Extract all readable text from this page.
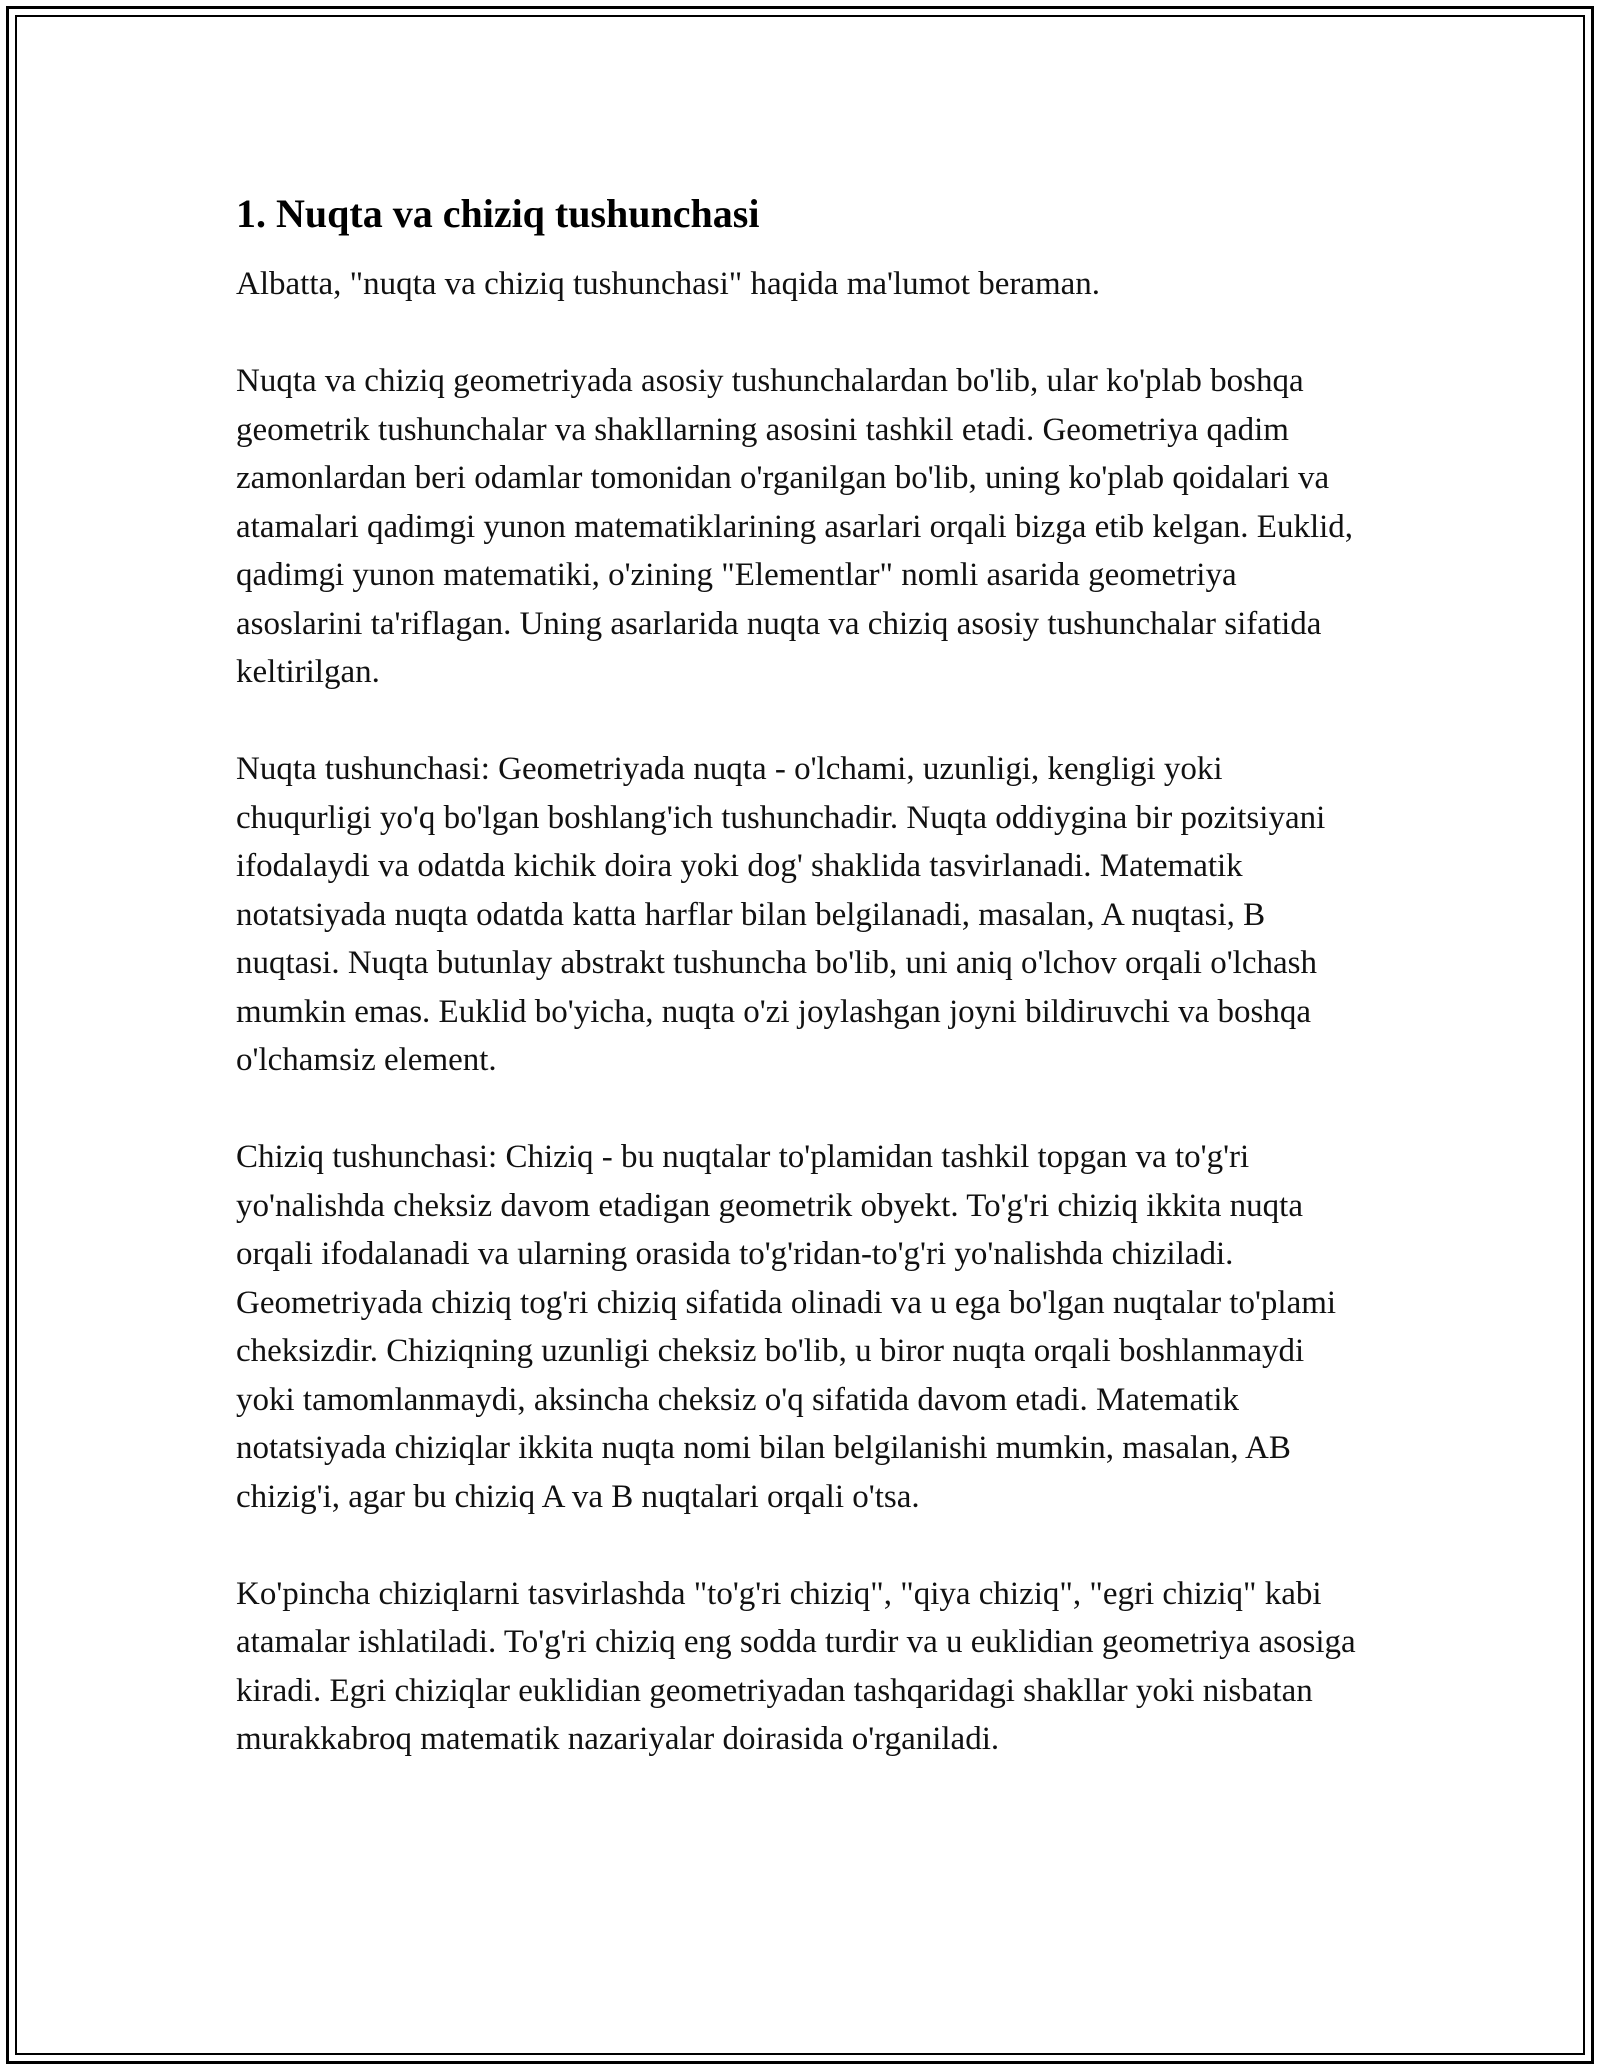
1. Nuqta va chiziq tushunchasi

Albatta, "nuqta va chiziq tushunchasi" haqida ma'lumot beraman.

Nuqta va chiziq geometriyada asosiy tushunchalardan bo'lib, ular ko'plab boshqa geometrik tushunchalar va shakllarning asosini tashkil etadi. Geometriya qadim zamonlardan beri odamlar tomonidan o'rganilgan bo'lib, uning ko'plab qoidalari va atamalari qadimgi yunon matematiklarining asarlari orqali bizga etib kelgan. Euklid, qadimgi yunon matematiki, o'zining "Elementlar" nomli asarida geometriya asoslarini ta'riflagan. Uning asarlarida nuqta va chiziq asosiy tushunchalar sifatida keltirilgan.

Nuqta tushunchasi: Geometriyada nuqta - o'lchami, uzunligi, kengligi yoki chuqurligi yo'q bo'lgan boshlang'ich tushunchadir. Nuqta oddiygina bir pozitsiyani ifodalaydi va odatda kichik doira yoki dog' shaklida tasvirlanadi. Matematik notatsiyada nuqta odatda katta harflar bilan belgilanadi, masalan, A nuqtasi, B nuqtasi. Nuqta butunlay abstrakt tushuncha bo'lib, uni aniq o'lchov orqali o'lchash mumkin emas. Euklid bo'yicha, nuqta o'zi joylashgan joyni bildiruvchi va boshqa o'lchamsiz element.

Chiziq tushunchasi: Chiziq - bu nuqtalar to'plamidan tashkil topgan va to'g'ri yo'nalishda cheksiz davom etadigan geometrik obyekt. To'g'ri chiziq ikkita nuqta orqali ifodalanadi va ularning orasida to'g'ridan-to'g'ri yo'nalishda chiziladi. Geometriyada chiziq tog'ri chiziq sifatida olinadi va u ega bo'lgan nuqtalar to'plami cheksizdir. Chiziqning uzunligi cheksiz bo'lib, u biror nuqta orqali boshlanmaydi yoki tamomlanmaydi, aksincha cheksiz o'q sifatida davom etadi. Matematik notatsiyada chiziqlar ikkita nuqta nomi bilan belgilanishi mumkin, masalan, AB chizig'i, agar bu chiziq A va B nuqtalari orqali o'tsa.

Ko'pincha chiziqlarni tasvirlashda "to'g'ri chiziq", "qiya chiziq", "egri chiziq" kabi atamalar ishlatiladi. To'g'ri chiziq eng sodda turdir va u euklidian geometriya asosiga kiradi. Egri chiziqlar euklidian geometriyadan tashqaridagi shakllar yoki nisbatan murakkabroq matematik nazariyalar doirasida o'rganiladi.
